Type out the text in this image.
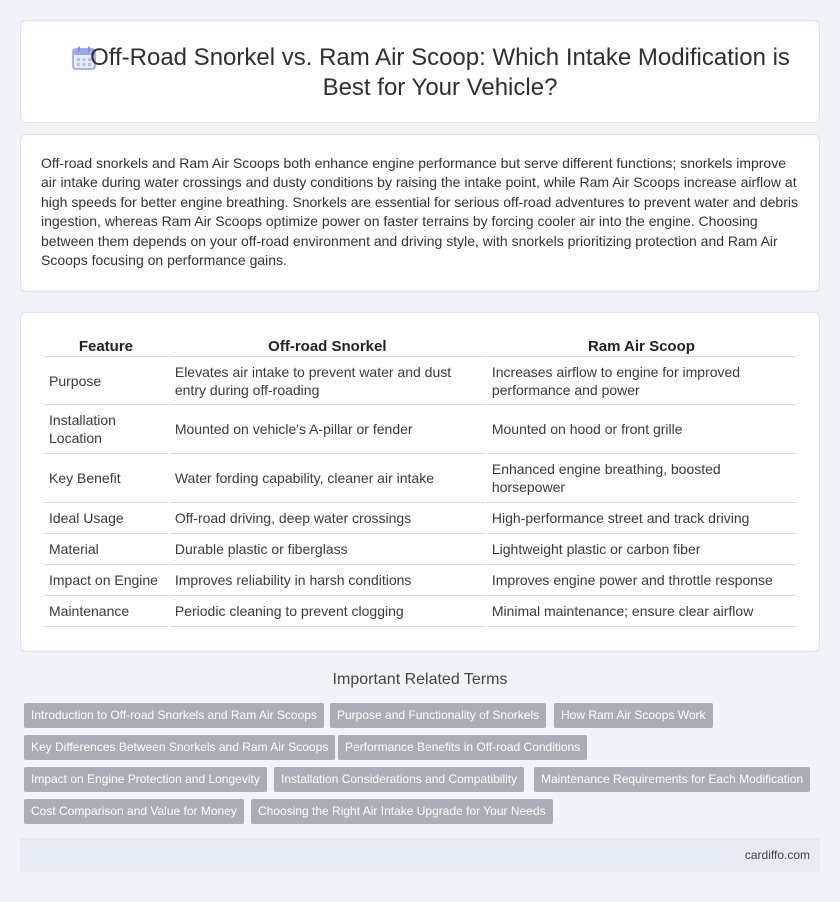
Off-Road Snorkel vs. Ram Air Scoop: Which Intake Modification is Best for Your Vehicle?

Off-road snorkels and Ram Air Scoops both enhance engine performance but serve different functions; snorkels improve air intake during water crossings and dusty conditions by raising the intake point, while Ram Air Scoops increase airflow at high speeds for better engine breathing. Snorkels are essential for serious off-road adventures to prevent water and debris ingestion, whereas Ram Air Scoops optimize power on faster terrains by forcing cooler air into the engine. Choosing between them depends on your off-road environment and driving style, with snorkels prioritizing protection and Ram Air Scoops focusing on performance gains.

Feature	Off-road Snorkel	Ram Air Scoop
Purpose	Elevates air intake to prevent water and dust entry during off-roading	Increases airflow to engine for improved performance and power
Installation Location	Mounted on vehicle's A-pillar or fender	Mounted on hood or front grille
Key Benefit	Water fording capability, cleaner air intake	Enhanced engine breathing, boosted horsepower
Ideal Usage	Off-road driving, deep water crossings	High-performance street and track driving
Material	Durable plastic or fiberglass	Lightweight plastic or carbon fiber
Impact on Engine	Improves reliability in harsh conditions	Improves engine power and throttle response
Maintenance	Periodic cleaning to prevent clogging	Minimal maintenance; ensure clear airflow
Important Related Terms
Introduction to Off-road Snorkels and Ram Air Scoops	Purpose and Functionality of Snorkels	How Ram Air Scoops Work
Key Differences Between Snorkels and Ram Air Scoops	Performance Benefits in Off-road Conditions
Impact on Engine Protection and Longevity	Installation Considerations and Compatibility	Maintenance Requirements for Each Modification
Cost Comparison and Value for Money	Choosing the Right Air Intake Upgrade for Your Needs
cardiffo.com
